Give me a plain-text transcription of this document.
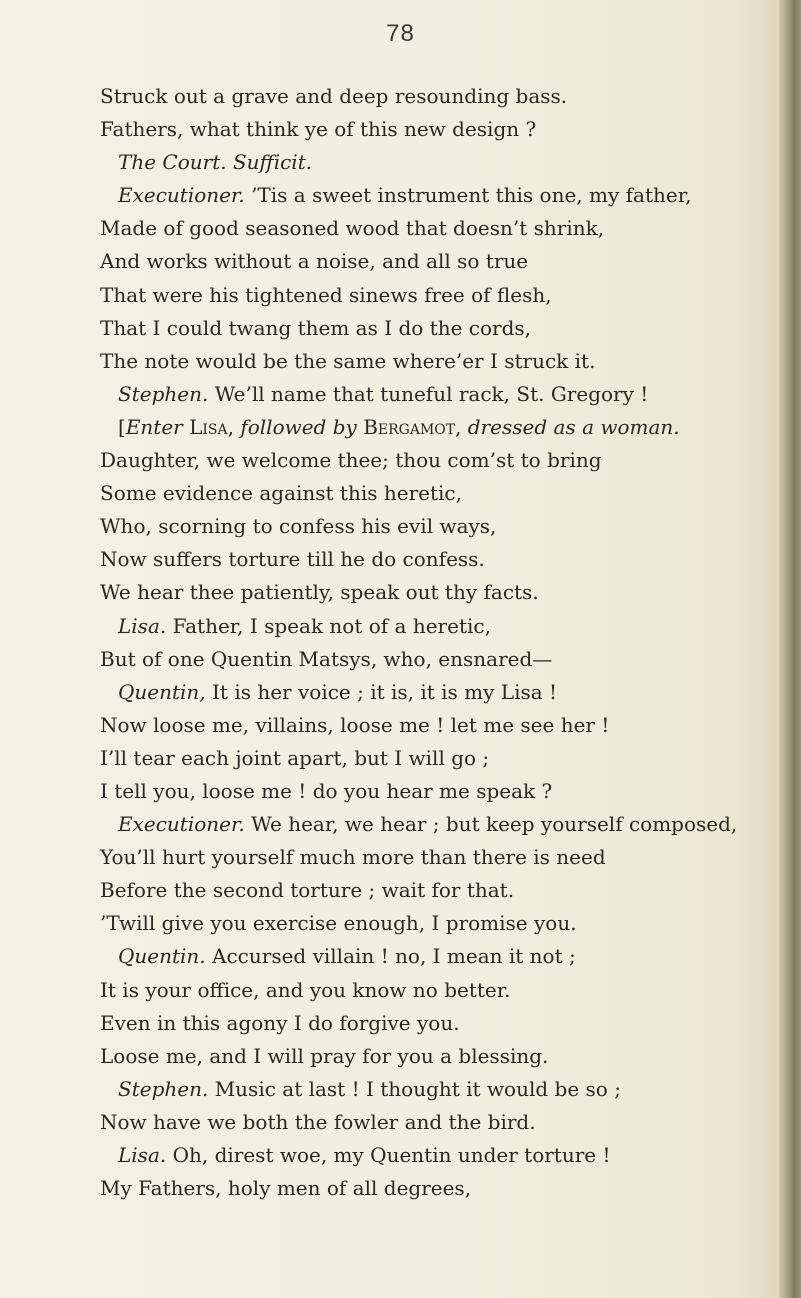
78
Struck out a grave and deep resounding bass.
Fathers, what think ye of this new design ?
The Court. Sufficit.
Executioner. ’Tis a sweet instrument this one, my father,
Made of good seasoned wood that doesn’t shrink,
And works without a noise, and all so true
That were his tightened sinews free of flesh,
That I could twang them as I do the cords,
The note would be the same where’er I struck it.
Stephen. We’ll name that tuneful rack, St. Gregory !
[Enter Lisa, followed by Bergamot, dressed as a woman.
Daughter, we welcome thee; thou com’st to bring
Some evidence against this heretic,
Who, scorning to confess his evil ways,
Now suffers torture till he do confess.
We hear thee patiently, speak out thy facts.
Lisa. Father, I speak not of a heretic,
But of one Quentin Matsys, who, ensnared—
Quentin, It is her voice ; it is, it is my Lisa !
Now loose me, villains, loose me ! let me see her !
I’ll tear each joint apart, but I will go ;
I tell you, loose me ! do you hear me speak ?
Executioner. We hear, we hear ; but keep yourself composed,
You’ll hurt yourself much more than there is need
Before the second torture ; wait for that.
’Twill give you exercise enough, I promise you.
Quentin. Accursed villain ! no, I mean it not ;
It is your office, and you know no better.
Even in this agony I do forgive you.
Loose me, and I will pray for you a blessing.
Stephen. Music at last ! I thought it would be so ;
Now have we both the fowler and the bird.
Lisa. Oh, direst woe, my Quentin under torture !
My Fathers, holy men of all degrees,
